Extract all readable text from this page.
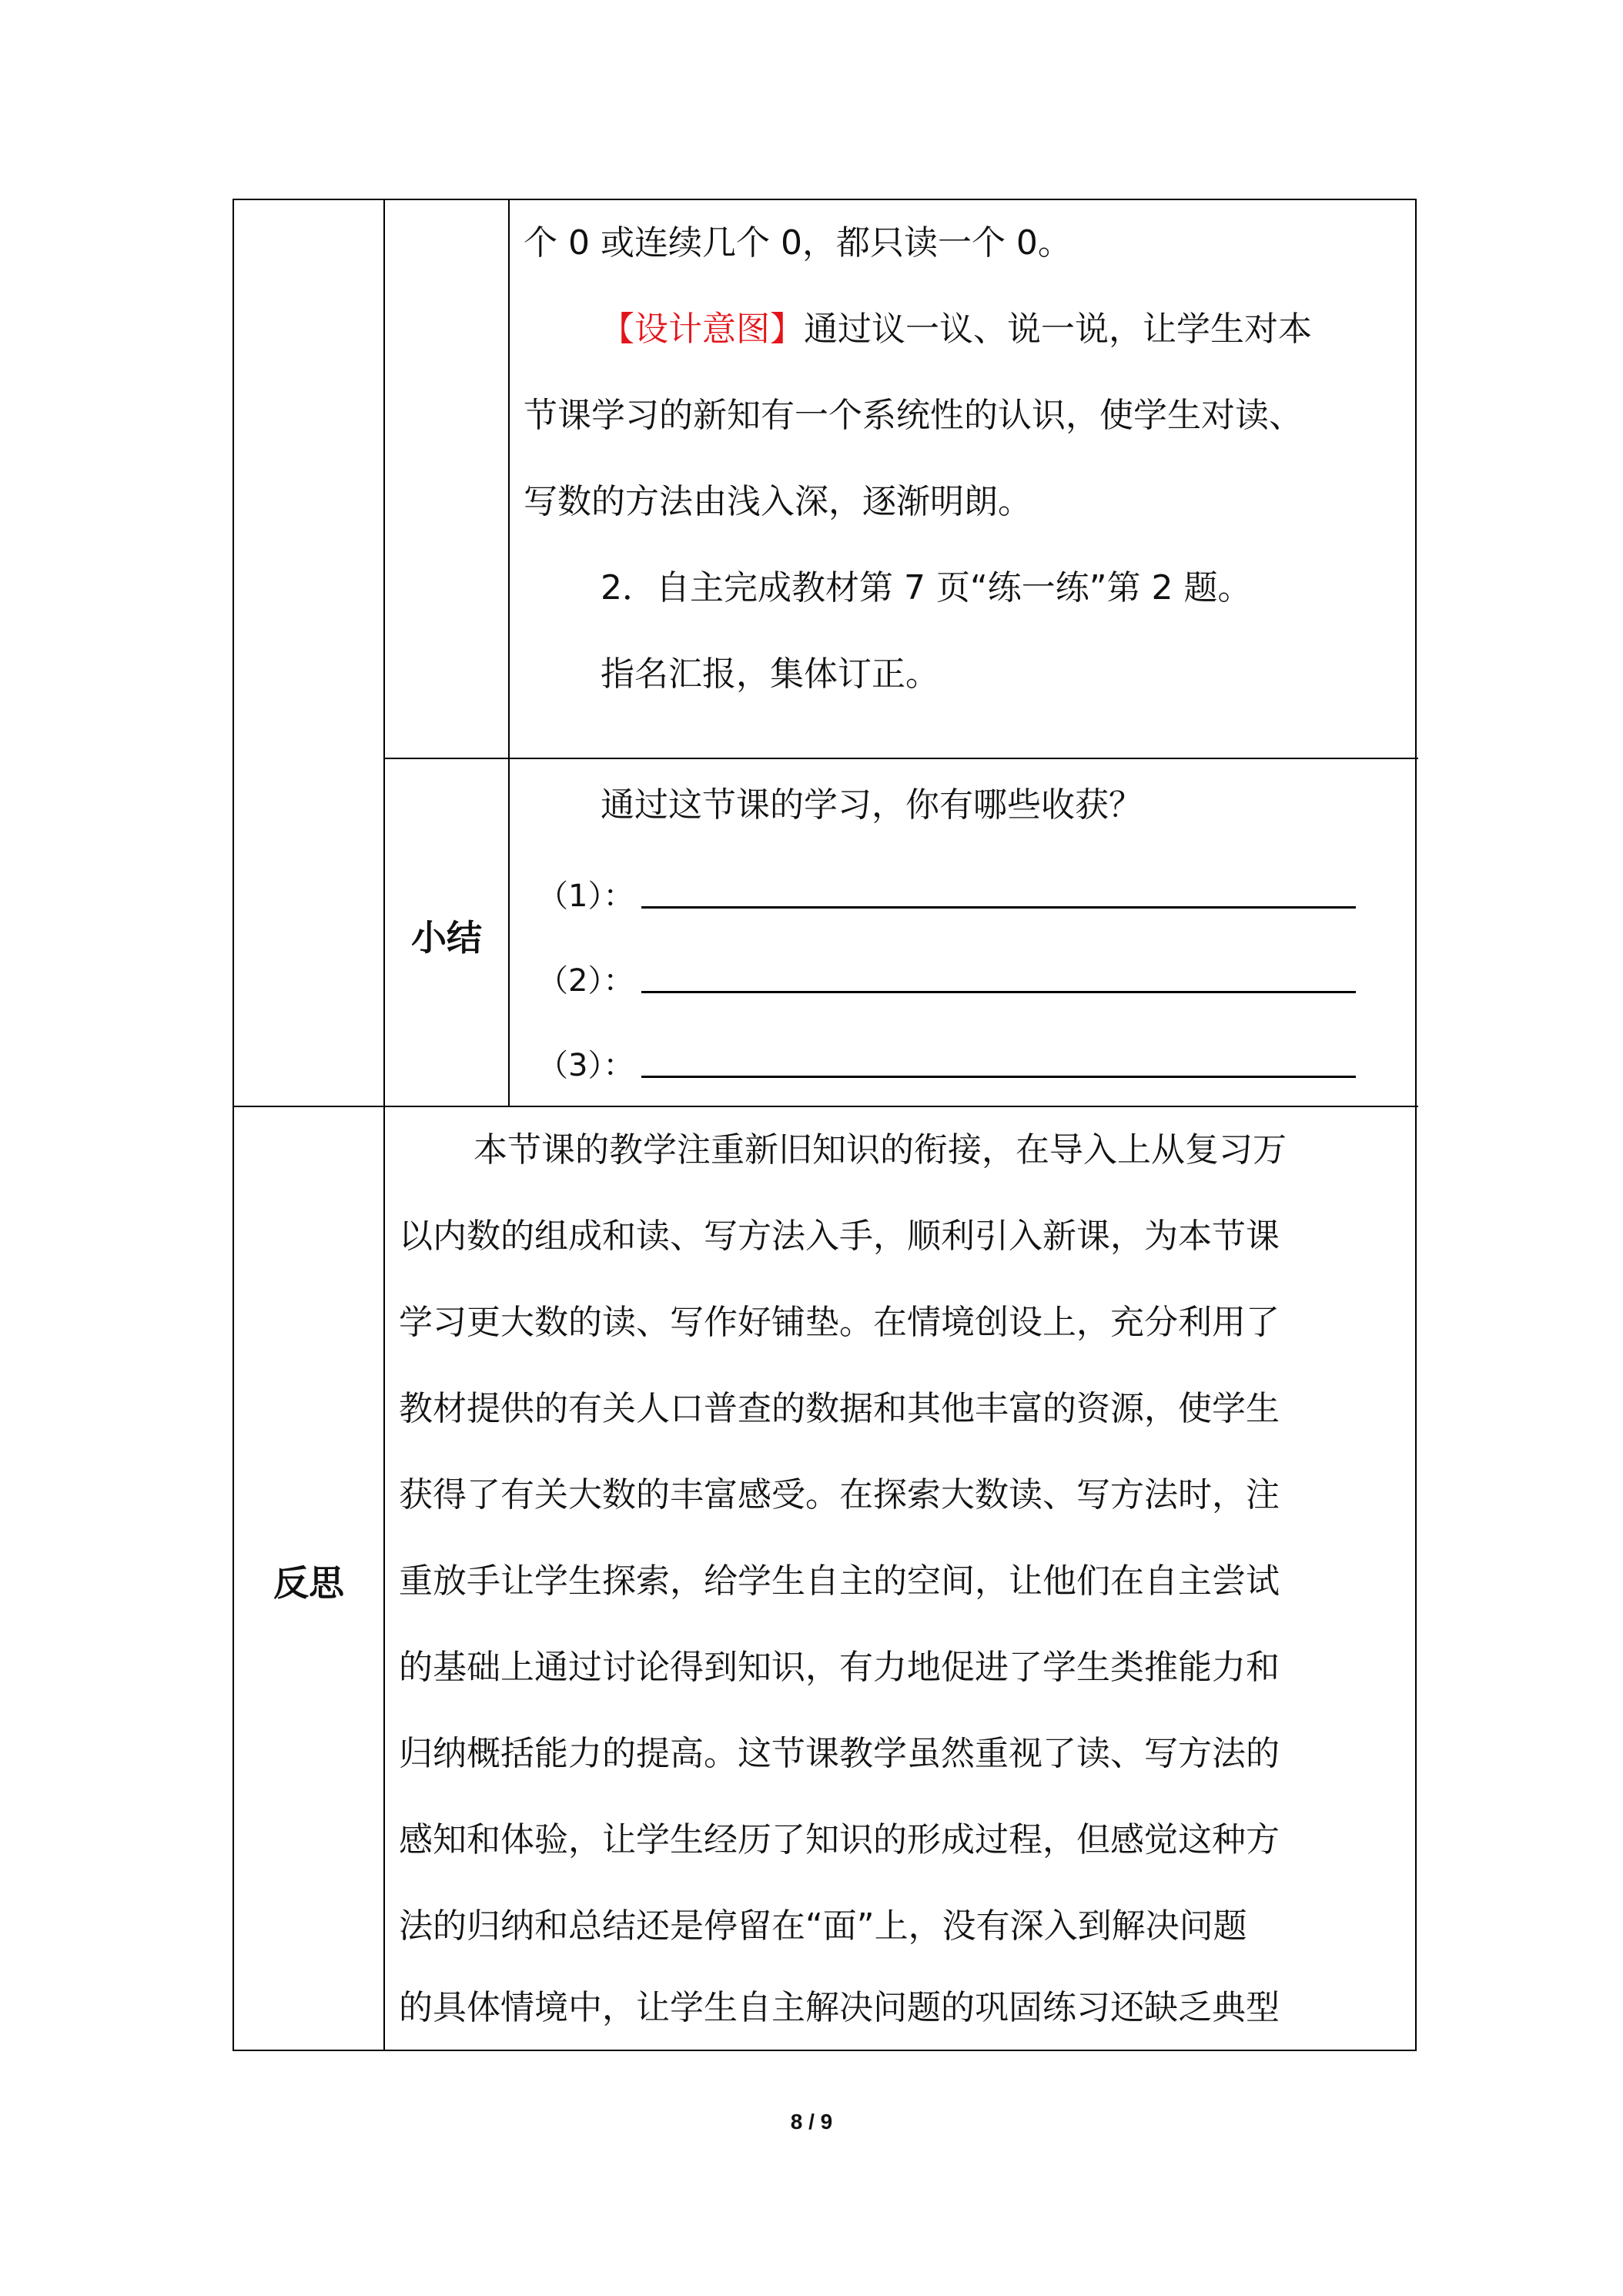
个 0 或连续几个 0，都只读一个 0。
【设计意图】通过议一议、说一说，让学生对本
节课学习的新知有一个系统性的认识，使学生对读、
写数的方法由浅入深，逐渐明朗。
2．自主完成教材第 7 页“练一练”第 2 题。
指名汇报，集体订正。
小结
通过这节课的学习，你有哪些收获？
（1）：
（2）：
（3）：
反思
本节课的教学注重新旧知识的衔接，在导入上从复习万
以内数的组成和读、写方法入手，顺利引入新课，为本节课
学习更大数的读、写作好铺垫。在情境创设上，充分利用了
教材提供的有关人口普查的数据和其他丰富的资源，使学生
获得了有关大数的丰富感受。在探索大数读、写方法时，注
重放手让学生探索，给学生自主的空间，让他们在自主尝试
的基础上通过讨论得到知识，有力地促进了学生类推能力和
归纳概括能力的提高。这节课教学虽然重视了读、写方法的
感知和体验，让学生经历了知识的形成过程，但感觉这种方
法的归纳和总结还是停留在“面”上，没有深入到解决问题
的具体情境中，让学生自主解决问题的巩固练习还缺乏典型
8 / 9
